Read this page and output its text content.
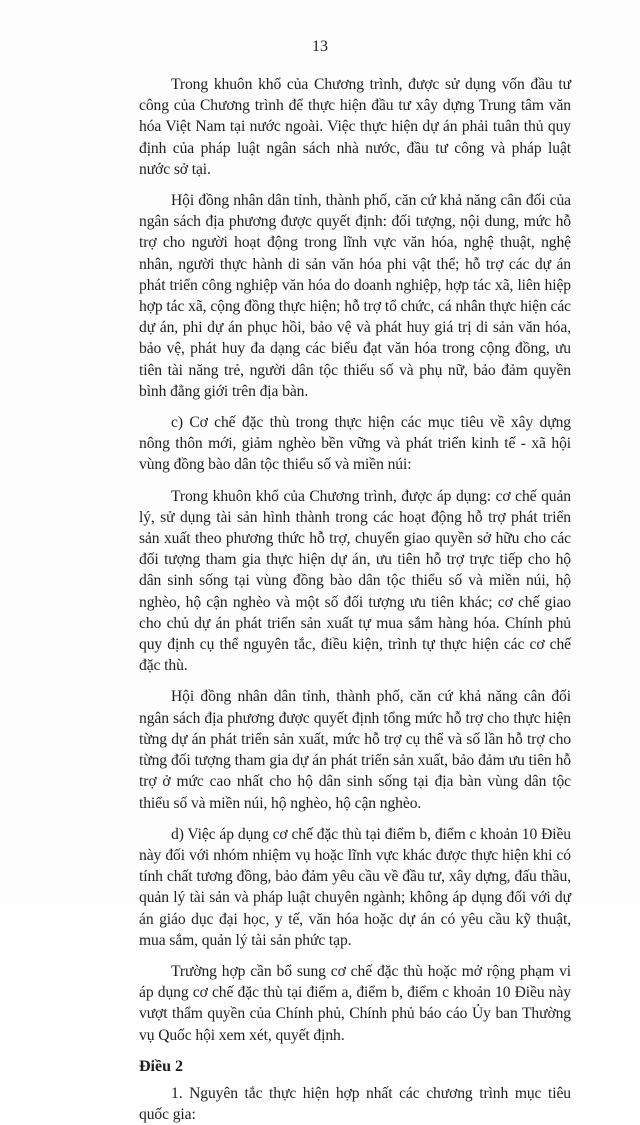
13

Trong khuôn khổ của Chương trình, được sử dụng vốn đầu tư công của Chương trình để thực hiện đầu tư xây dựng Trung tâm văn hóa Việt Nam tại nước ngoài. Việc thực hiện dự án phải tuân thủ quy định của pháp luật ngân sách nhà nước, đầu tư công và pháp luật nước sở tại.

Hội đồng nhân dân tỉnh, thành phố, căn cứ khả năng cân đối của ngân sách địa phương được quyết định: đối tượng, nội dung, mức hỗ trợ cho người hoạt động trong lĩnh vực văn hóa, nghệ thuật, nghệ nhân, người thực hành di sản văn hóa phi vật thể; hỗ trợ các dự án phát triển công nghiệp văn hóa do doanh nghiệp, hợp tác xã, liên hiệp hợp tác xã, cộng đồng thực hiện; hỗ trợ tổ chức, cá nhân thực hiện các dự án, phi dự án phục hồi, bảo vệ và phát huy giá trị di sản văn hóa, bảo vệ, phát huy đa dạng các biểu đạt văn hóa trong cộng đồng, ưu tiên tài năng trẻ, người dân tộc thiểu số và phụ nữ, bảo đảm quyền bình đẳng giới trên địa bàn.

c) Cơ chế đặc thù trong thực hiện các mục tiêu về xây dựng nông thôn mới, giảm nghèo bền vững và phát triển kinh tế - xã hội vùng đồng bào dân tộc thiểu số và miền núi:

Trong khuôn khổ của Chương trình, được áp dụng: cơ chế quản lý, sử dụng tài sản hình thành trong các hoạt động hỗ trợ phát triển sản xuất theo phương thức hỗ trợ, chuyển giao quyền sở hữu cho các đối tượng tham gia thực hiện dự án, ưu tiên hỗ trợ trực tiếp cho hộ dân sinh sống tại vùng đồng bào dân tộc thiểu số và miền núi, hộ nghèo, hộ cận nghèo và một số đối tượng ưu tiên khác; cơ chế giao cho chủ dự án phát triển sản xuất tự mua sắm hàng hóa. Chính phủ quy định cụ thể nguyên tắc, điều kiện, trình tự thực hiện các cơ chế đặc thù.

Hội đồng nhân dân tỉnh, thành phố, căn cứ khả năng cân đối ngân sách địa phương được quyết định tổng mức hỗ trợ cho thực hiện từng dự án phát triển sản xuất, mức hỗ trợ cụ thể và số lần hỗ trợ cho từng đối tượng tham gia dự án phát triển sản xuất, bảo đảm ưu tiên hỗ trợ ở mức cao nhất cho hộ dân sinh sống tại địa bàn vùng dân tộc thiểu số và miền núi, hộ nghèo, hộ cận nghèo.

d) Việc áp dụng cơ chế đặc thù tại điểm b, điểm c khoản 10 Điều này đối với nhóm nhiệm vụ hoặc lĩnh vực khác được thực hiện khi có tính chất tương đồng, bảo đảm yêu cầu về đầu tư, xây dựng, đấu thầu, quản lý tài sản và pháp luật chuyên ngành; không áp dụng đối với dự án giáo dục đại học, y tế, văn hóa hoặc dự án có yêu cầu kỹ thuật, mua sắm, quản lý tài sản phức tạp.

Trường hợp cần bổ sung cơ chế đặc thù hoặc mở rộng phạm vi áp dụng cơ chế đặc thù tại điểm a, điểm b, điểm c khoản 10 Điều này vượt thẩm quyền của Chính phủ, Chính phủ báo cáo Ủy ban Thường vụ Quốc hội xem xét, quyết định.

Điều 2

1. Nguyên tắc thực hiện hợp nhất các chương trình mục tiêu quốc gia:
